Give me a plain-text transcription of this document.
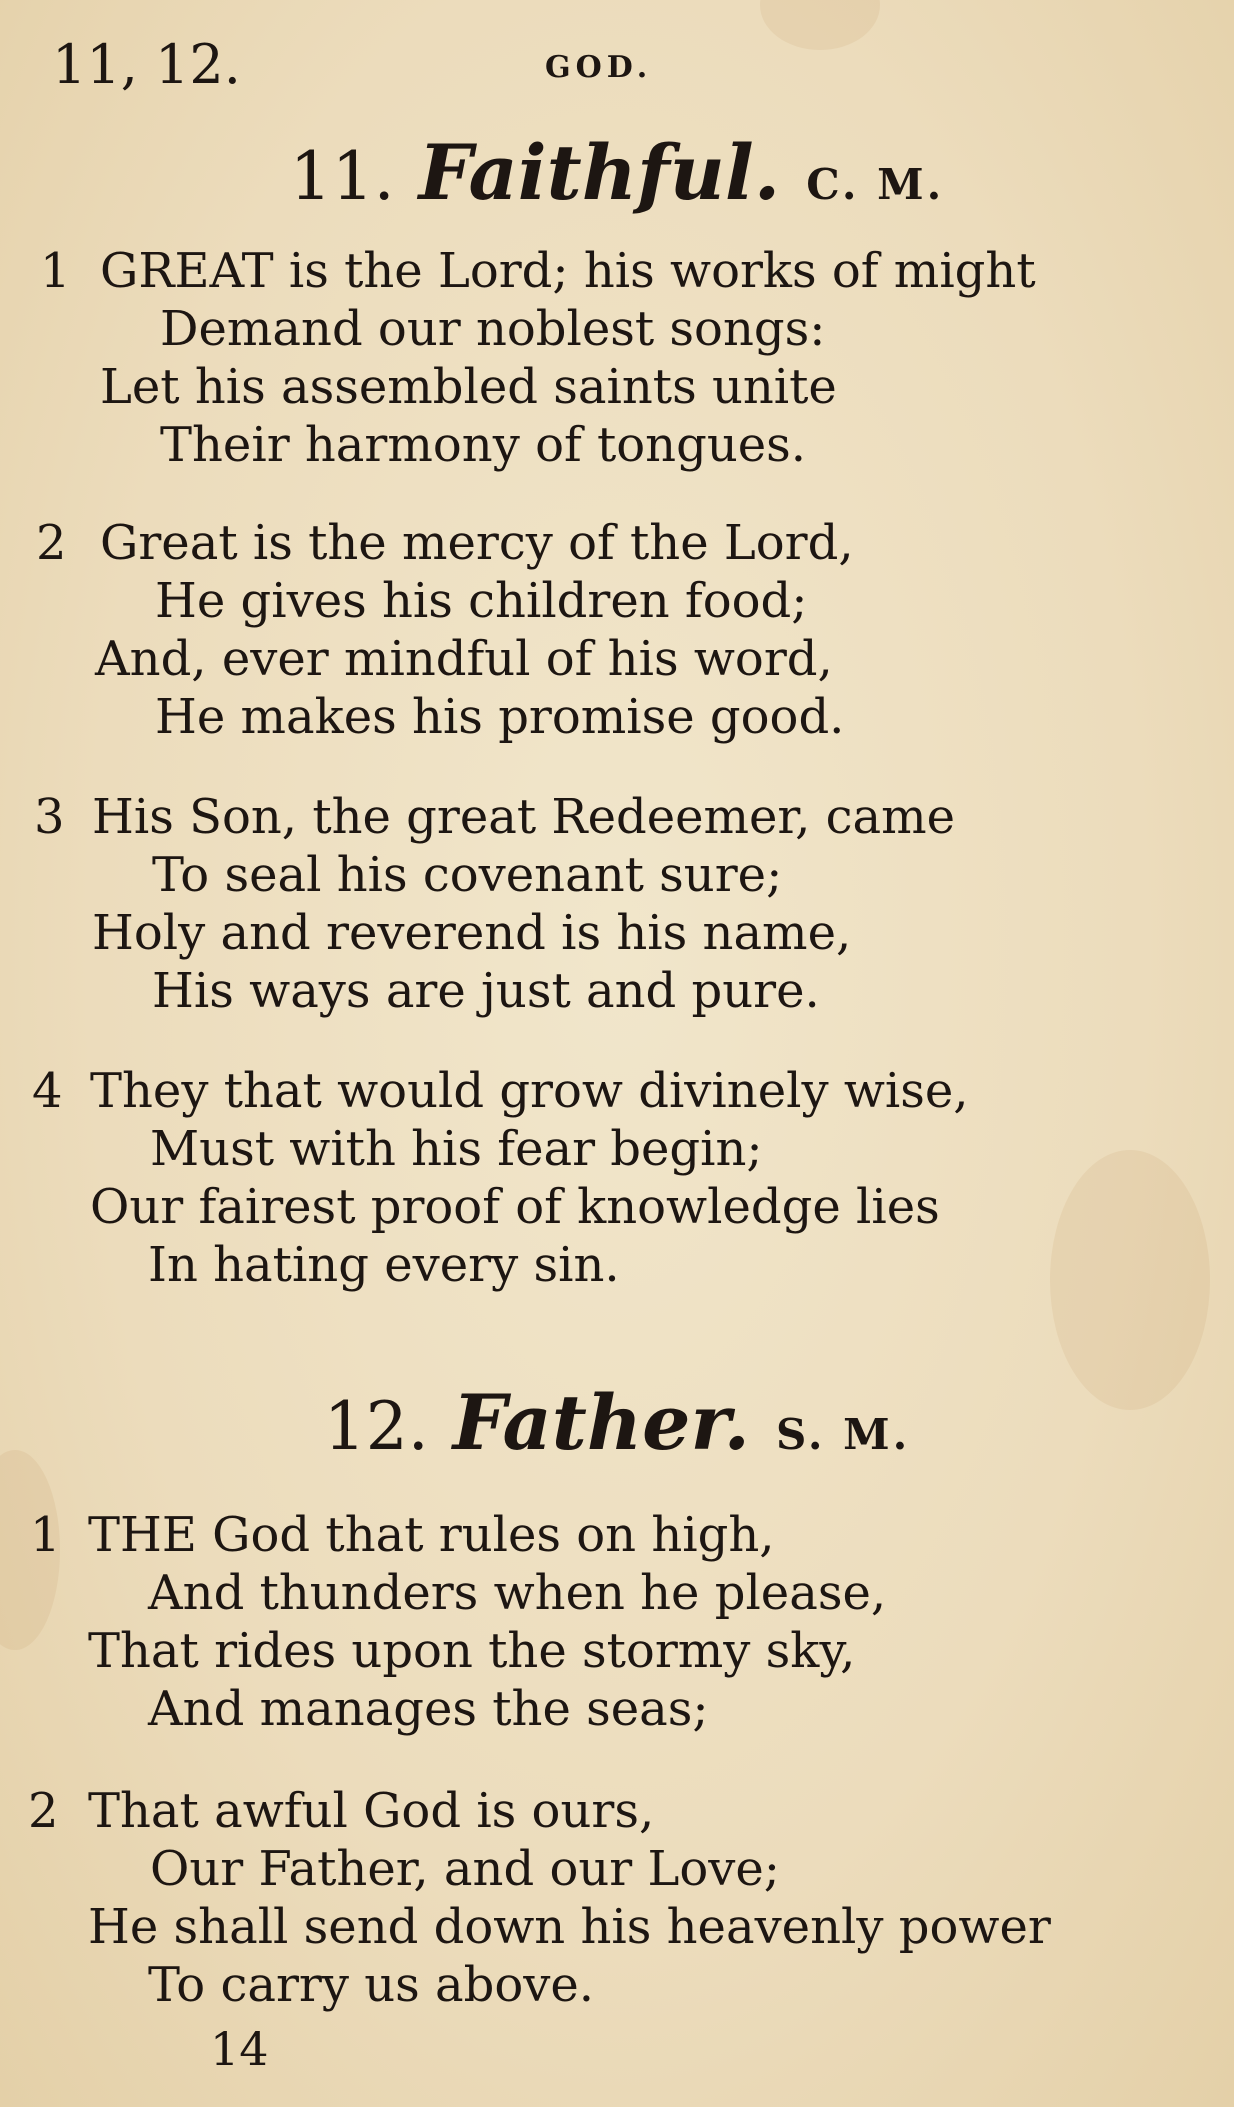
11, 12.	GOD.
11. Faithful. C. M.
1 GREAT is the Lord; his works of might
Demand our noblest songs:
Let his assembled saints unite
Their harmony of tongues.
2 Great is the mercy of the Lord,
He gives his children food;
And, ever mindful of his word,
He makes his promise good.
3 His Son, the great Redeemer, came
To seal his covenant sure;
Holy and reverend is his name,
His ways are just and pure.
4 They that would grow divinely wise,
Must with his fear begin;
Our fairest proof of knowledge lies
In hating every sin.
12. Father. S. M.
1 THE God that rules on high,
And thunders when he please,
That rides upon the stormy sky,
And manages the seas;
2 That awful God is ours,
Our Father, and our Love;
He shall send down his heavenly power
To carry us above.
14
